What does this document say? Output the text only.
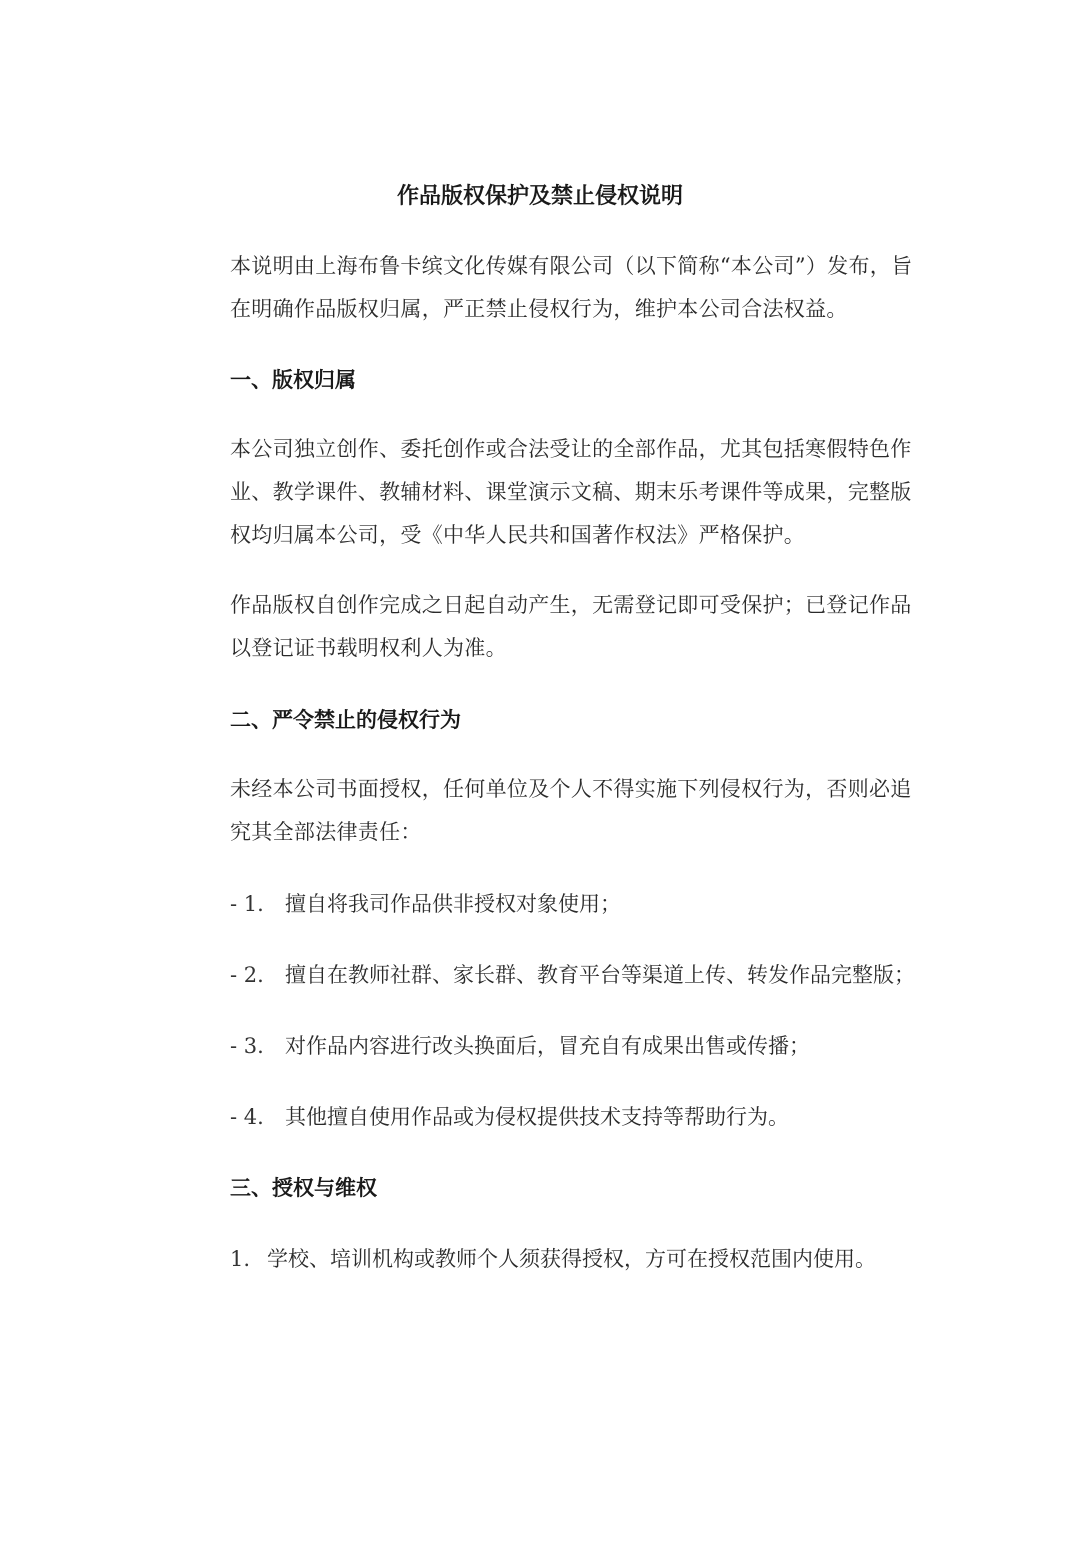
作品版权保护及禁止侵权说明
本说明由上海布鲁卡缤文化传媒有限公司（以下简称“本公司”）发布，旨在明确作品版权归属，严正禁止侵权行为，维护本公司合法权益。
一、版权归属
本公司独立创作、委托创作或合法受让的全部作品，尤其包括寒假特色作业、教学课件、教辅材料、课堂演示文稿、期末乐考课件等成果，完整版权均归属本公司，受《中华人民共和国著作权法》严格保护。
作品版权自创作完成之日起自动产生，无需登记即可受保护；已登记作品以登记证书载明权利人为准。
二、严令禁止的侵权行为
未经本公司书面授权，任何单位及个人不得实施下列侵权行为，否则必追究其全部法律责任：
- 1. 擅自将我司作品供非授权对象使用；
- 2. 擅自在教师社群、家长群、教育平台等渠道上传、转发作品完整版；
- 3. 对作品内容进行改头换面后，冒充自有成果出售或传播；
- 4. 其他擅自使用作品或为侵权提供技术支持等帮助行为。
三、授权与维权
1. 学校、培训机构或教师个人须获得授权，方可在授权范围内使用。
